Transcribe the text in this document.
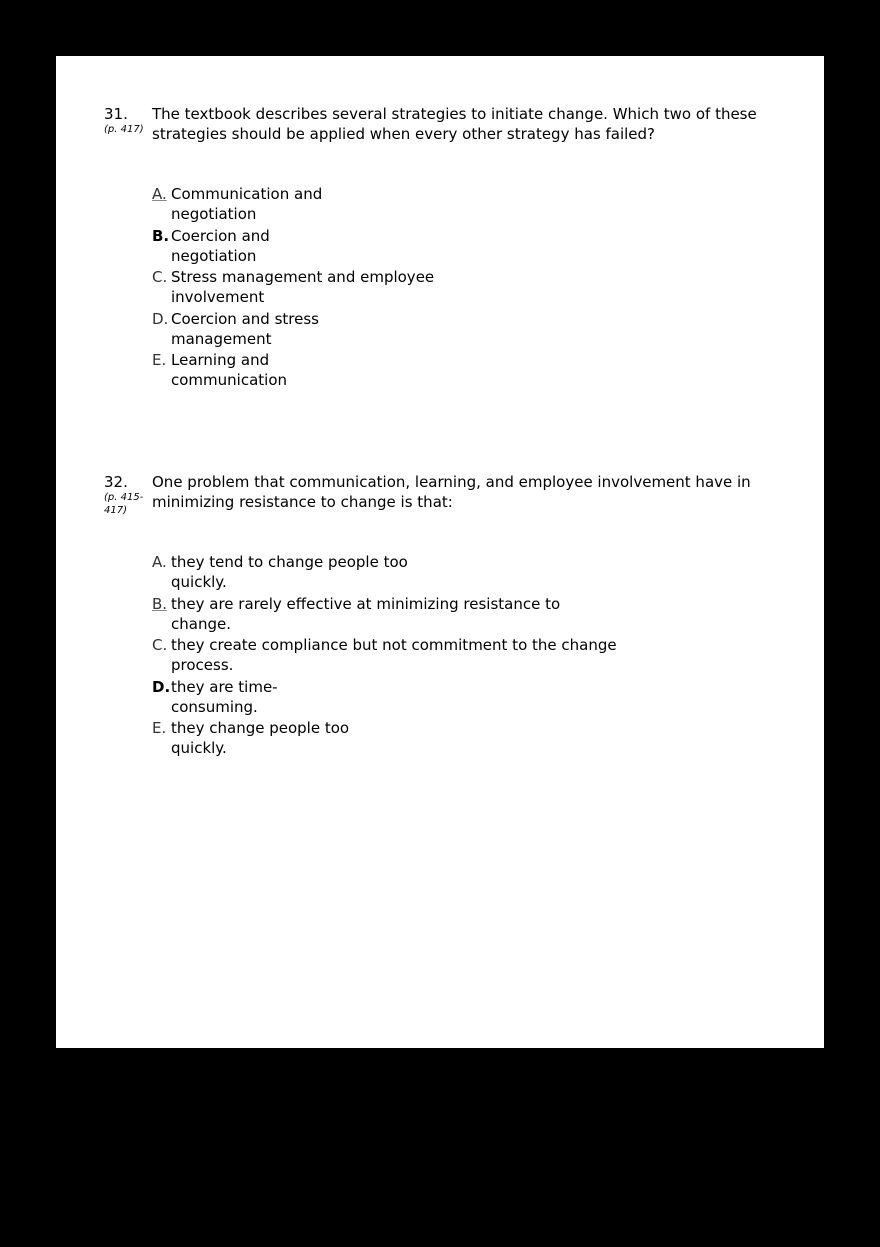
31.
(p. 417)
The textbook describes several strategies to initiate change. Which two of these
strategies should be applied when every other strategy has failed?
A. Communication and
negotiation
B. Coercion and
negotiation
C. Stress management and employee
involvement
D. Coercion and stress
management
E. Learning and
communication
32.
(p. 415-417)
One problem that communication, learning, and employee involvement have in
minimizing resistance to change is that:
A. they tend to change people too
quickly.
B. they are rarely effective at minimizing resistance to
change.
C. they create compliance but not commitment to the change
process.
D. they are time-
consuming.
E. they change people too
quickly.
